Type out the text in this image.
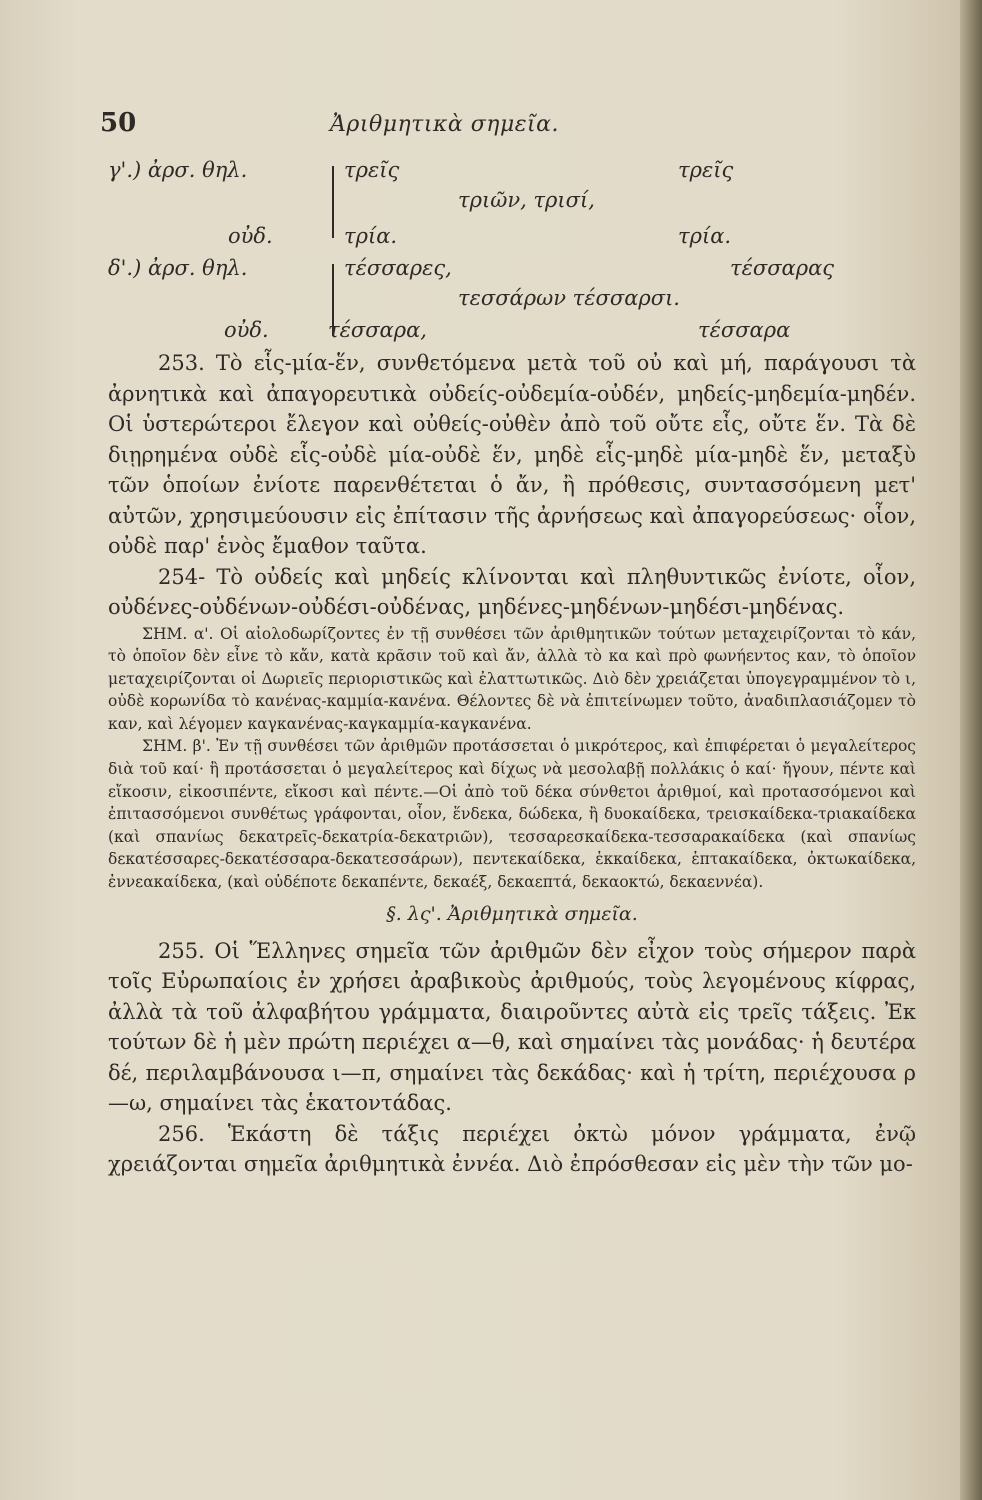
50	Ἀριθμητικὰ σημεῖα.
γ'.) ἀρσ. θηλ.	τρεῖς	τρεῖς
τριῶν, τρισί,
οὐδ.	τρία.	τρία.
δ'.) ἀρσ. θηλ.	τέσσαρες,	τέσσαρας
τεσσάρων τέσσαρσι.
οὐδ.	τέσσαρα,	τέσσαρα

253. Τὸ εἷς-μία-ἕν, συνθετόμενα μετὰ τοῦ οὐ καὶ μή, παράγουσι τὰ ἀρνητικὰ καὶ ἀπαγορευτικὰ οὐδείς-οὐδεμία-οὐδέν, μηδείς-μηδεμία-μηδέν. Οἱ ὑστερώτεροι ἔλεγον καὶ οὐθείς-οὐθὲν ἀπὸ τοῦ οὔτε εἷς, οὔτε ἕν. Τὰ δὲ διῃρημένα οὐδὲ εἷς-οὐδὲ μία-οὐδὲ ἕν, μηδὲ εἷς-μηδὲ μία-μηδὲ ἕν, μεταξὺ τῶν ὁποίων ἐνίοτε παρενθέτεται ὁ ἄν, ἢ πρόθεσις, συντασσόμενη μετ' αὐτῶν, χρησιμεύουσιν εἰς ἐπίτασιν τῆς ἀρνήσεως καὶ ἀπαγορεύσεως· οἷον, οὐδὲ παρ' ἑνὸς ἔμαθον ταῦτα.

254- Τὸ οὐδείς καὶ μηδείς κλίνονται καὶ πληθυντικῶς ἐνίοτε, οἷον, οὐδένες-οὐδένων-οὐδέσι-οὐδένας, μηδένες-μηδένων-μηδέσι-μηδένας.

ΣΗΜ. α'. Οἱ αἰολοδωρίζοντες ἐν τῇ συνθέσει τῶν ἀριθμητικῶν τούτων μεταχειρίζονται τὸ κάν, τὸ ὁποῖον δὲν εἶνε τὸ κἄν, κατὰ κρᾶσιν τοῦ καὶ ἄν, ἀλλὰ τὸ κα καὶ πρὸ φωνήεντος καν, τὸ ὁποῖον μεταχειρίζονται οἱ Δωριεῖς περιοριστικῶς καὶ ἐλαττωτικῶς. Διὸ δὲν χρειάζεται ὑπογεγραμμένον τὸ ι, οὐδὲ κορωνίδα τὸ κανένας-καμμία-κανένα. Θέλοντες δὲ νὰ ἐπιτείνωμεν τοῦτο, ἀναδιπλασιάζομεν τὸ καν, καὶ λέγομεν καγκανένας-καγκαμμία-καγκανένα.

ΣΗΜ. β'. Ἐν τῇ συνθέσει τῶν ἀριθμῶν προτάσσεται ὁ μικρότερος, καὶ ἐπιφέρεται ὁ μεγαλείτερος διὰ τοῦ καί· ἢ προτάσσεται ὁ μεγαλείτερος καὶ δίχως νὰ μεσολαβῇ πολλάκις ὁ καί· ἤγουν, πέντε καὶ εἴκοσιν, εἰκοσιπέντε, εἴκοσι καὶ πέντε.—Οἱ ἀπὸ τοῦ δέκα σύνθετοι ἀριθμοί, καὶ προτασσόμενοι καὶ ἐπιτασσόμενοι συνθέτως γράφονται, οἷον, ἕνδεκα, δώδεκα, ἢ δυοκαίδεκα, τρεισκαίδεκα-τριακαίδεκα (καὶ σπανίως δεκατρεῖς-δεκατρία-δεκατριῶν), τεσσαρεσκαίδεκα-τεσσαρακαίδεκα (καὶ σπανίως δεκατέσσαρες-δεκατέσσαρα-δεκατεσσάρων), πεντεκαίδεκα, ἑκκαίδεκα, ἑπτακαίδεκα, ὀκτωκαίδεκα, ἐννεακαίδεκα, (καὶ οὐδέποτε δεκαπέντε, δεκαέξ, δεκαεπτά, δεκαοκτώ, δεκαεννέα).

§. λς'. Ἀριθμητικὰ σημεῖα.

255. Οἱ Ἕλληνες σημεῖα τῶν ἀριθμῶν δὲν εἶχον τοὺς σήμερον παρὰ τοῖς Εὐρωπαίοις ἐν χρήσει ἀραβικοὺς ἀριθμούς, τοὺς λεγομένους κίφρας, ἀλλὰ τὰ τοῦ ἀλφαβήτου γράμματα, διαιροῦντες αὐτὰ εἰς τρεῖς τάξεις. Ἐκ τούτων δὲ ἡ μὲν πρώτη περιέχει α—θ, καὶ σημαίνει τὰς μονάδας· ἡ δευτέρα δέ, περιλαμβάνουσα ι—π, σημαίνει τὰς δεκάδας· καὶ ἡ τρίτη, περιέχουσα ρ—ω, σημαίνει τὰς ἑκατοντάδας.

256. Ἑκάστη δὲ τάξις περιέχει ὀκτὼ μόνον γράμματα, ἐνῷ χρειάζονται σημεῖα ἀριθμητικὰ ἐννέα. Διὸ ἐπρόσθεσαν εἰς μὲν τὴν τῶν μο-
